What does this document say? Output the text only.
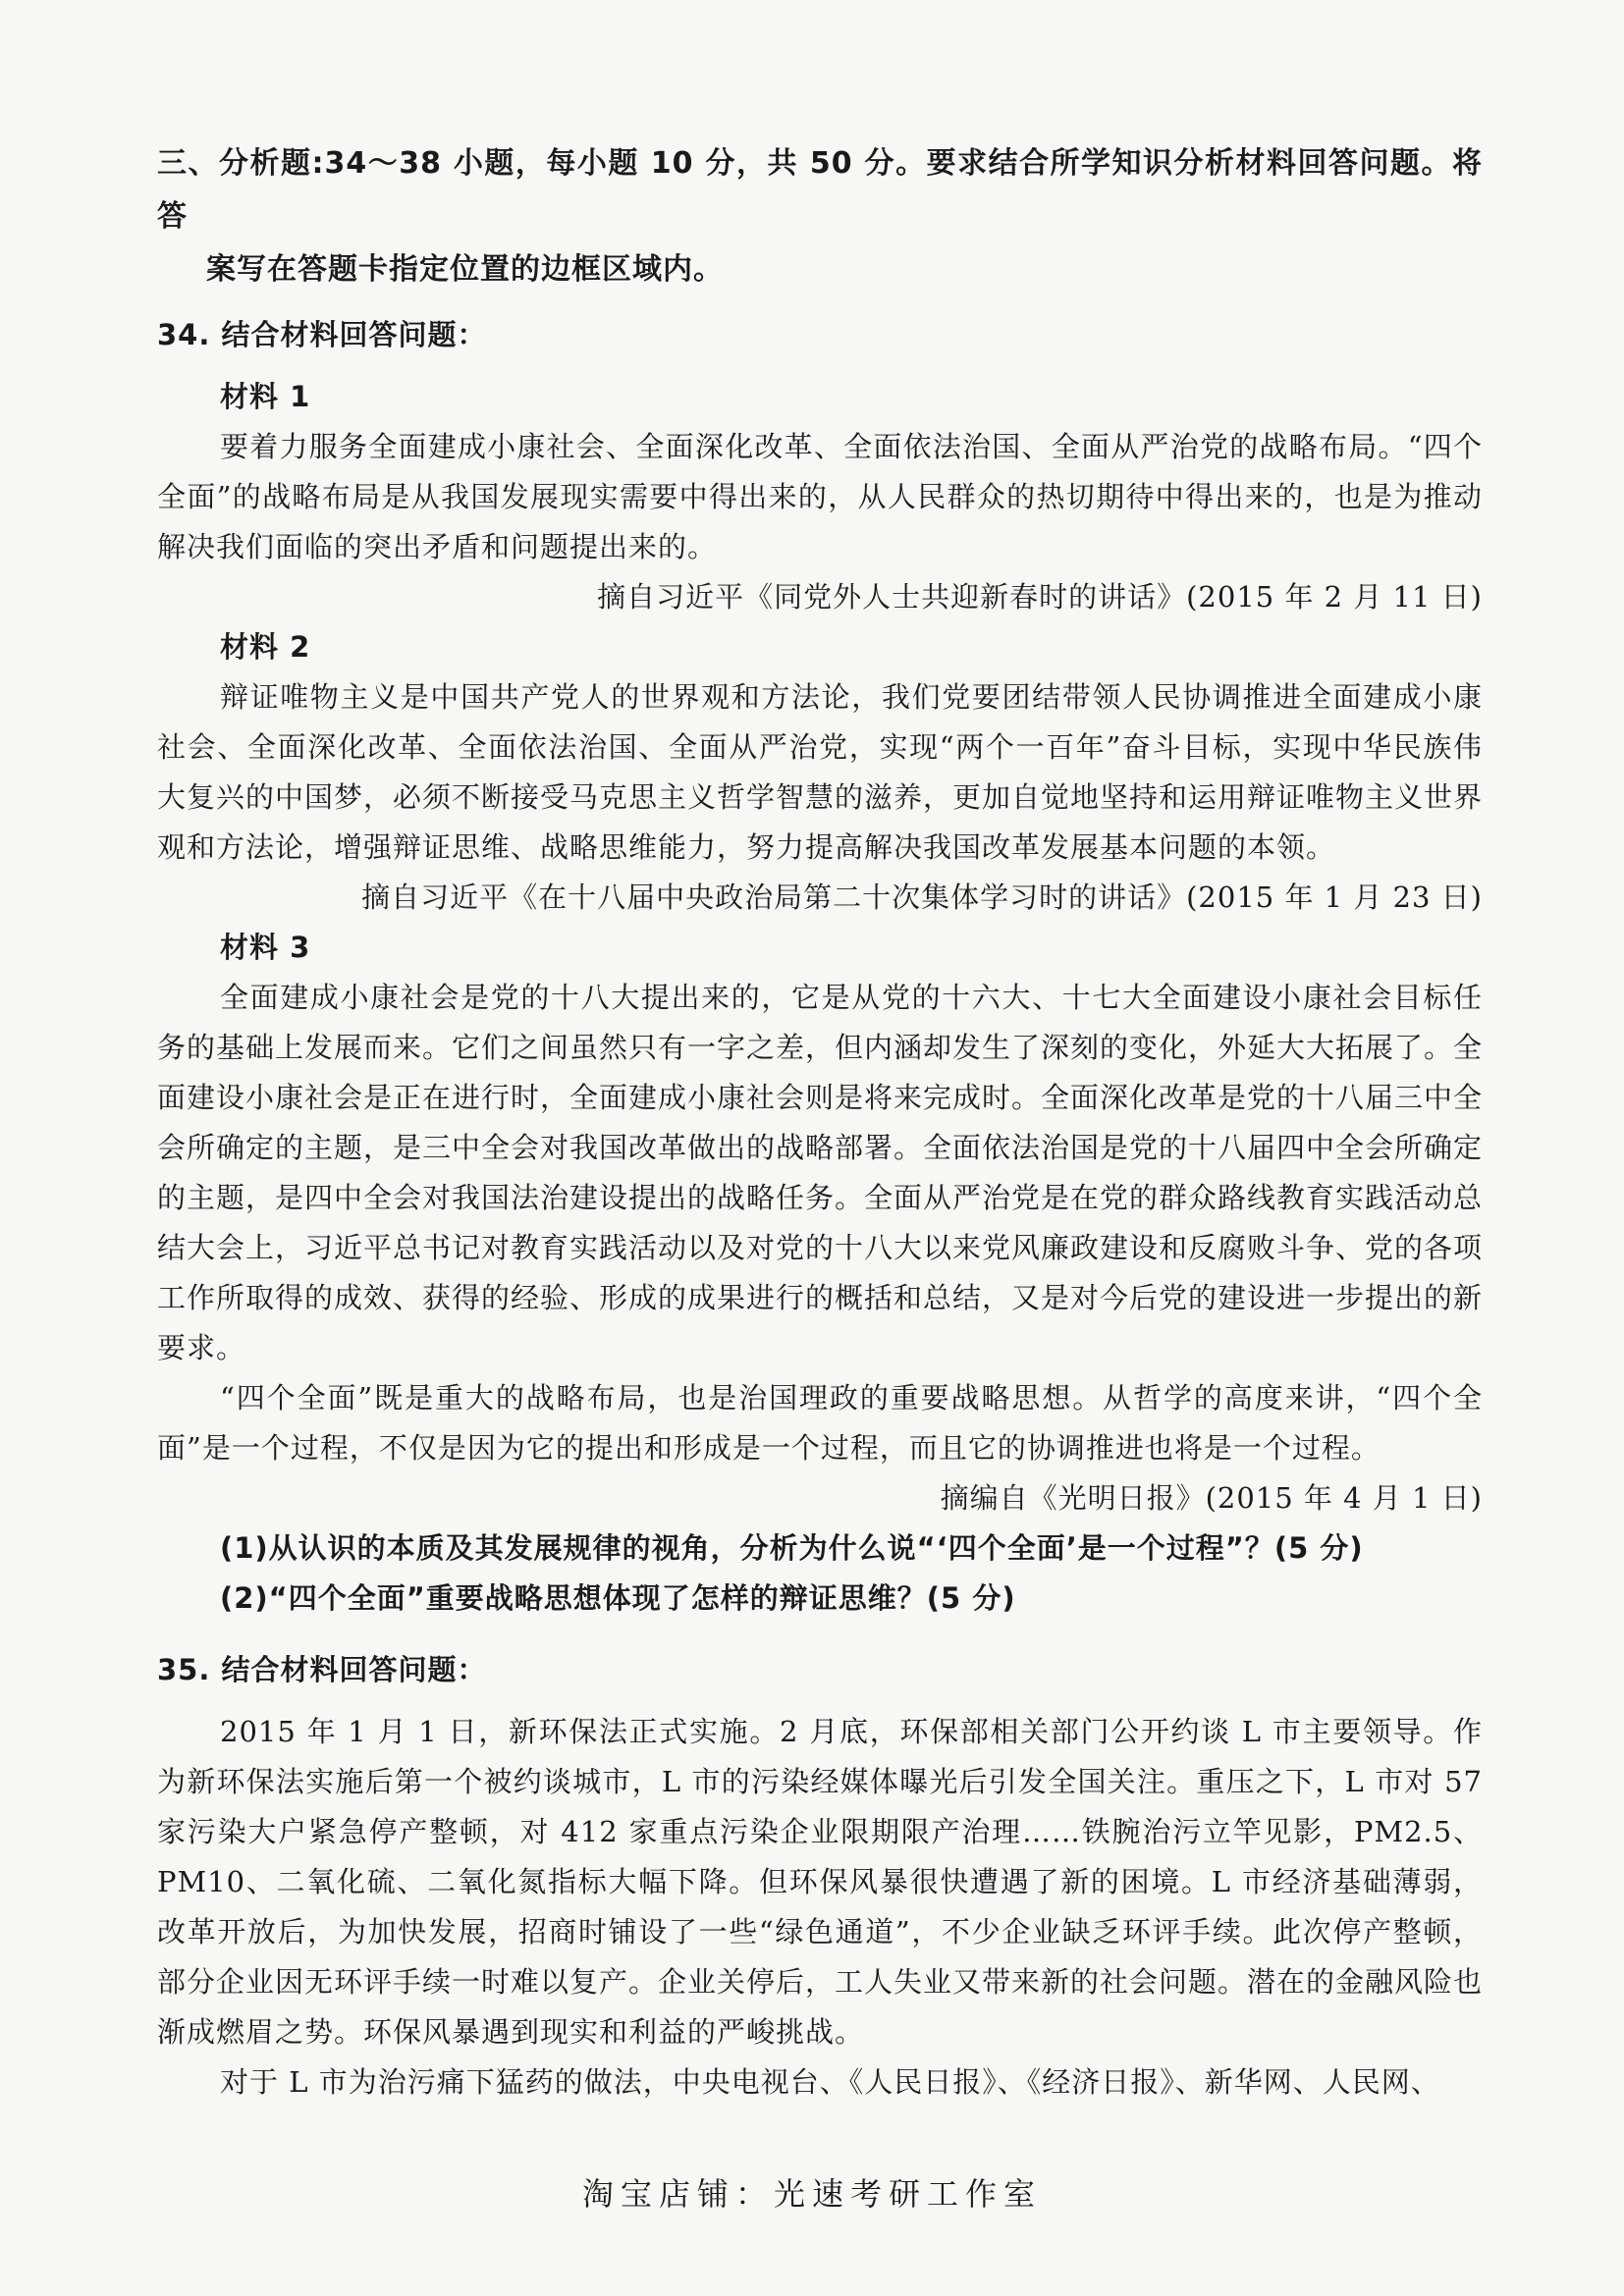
三、分析题:34～38 小题，每小题 10 分，共 50 分。要求结合所学知识分析材料回答问题。将答
案写在答题卡指定位置的边框区域内。

34. 结合材料回答问题：

材料 1

要着力服务全面建成小康社会、全面深化改革、全面依法治国、全面从严治党的战略布局。“四个全面”的战略布局是从我国发展现实需要中得出来的，从人民群众的热切期待中得出来的，也是为推动解决我们面临的突出矛盾和问题提出来的。

摘自习近平《同党外人士共迎新春时的讲话》(2015 年 2 月 11 日)

材料 2

辩证唯物主义是中国共产党人的世界观和方法论，我们党要团结带领人民协调推进全面建成小康社会、全面深化改革、全面依法治国、全面从严治党，实现“两个一百年”奋斗目标，实现中华民族伟大复兴的中国梦，必须不断接受马克思主义哲学智慧的滋养，更加自觉地坚持和运用辩证唯物主义世界观和方法论，增强辩证思维、战略思维能力，努力提高解决我国改革发展基本问题的本领。

摘自习近平《在十八届中央政治局第二十次集体学习时的讲话》(2015 年 1 月 23 日)

材料 3

全面建成小康社会是党的十八大提出来的，它是从党的十六大、十七大全面建设小康社会目标任务的基础上发展而来。它们之间虽然只有一字之差，但内涵却发生了深刻的变化，外延大大拓展了。全面建设小康社会是正在进行时，全面建成小康社会则是将来完成时。全面深化改革是党的十八届三中全会所确定的主题，是三中全会对我国改革做出的战略部署。全面依法治国是党的十八届四中全会所确定的主题，是四中全会对我国法治建设提出的战略任务。全面从严治党是在党的群众路线教育实践活动总结大会上，习近平总书记对教育实践活动以及对党的十八大以来党风廉政建设和反腐败斗争、党的各项工作所取得的成效、获得的经验、形成的成果进行的概括和总结，又是对今后党的建设进一步提出的新要求。

“四个全面”既是重大的战略布局，也是治国理政的重要战略思想。从哲学的高度来讲，“四个全面”是一个过程，不仅是因为它的提出和形成是一个过程，而且它的协调推进也将是一个过程。

摘编自《光明日报》(2015 年 4 月 1 日)

(1)从认识的本质及其发展规律的视角，分析为什么说“‘四个全面’是一个过程”？(5 分)

(2)“四个全面”重要战略思想体现了怎样的辩证思维？(5 分)

35. 结合材料回答问题：

2015 年 1 月 1 日，新环保法正式实施。2 月底，环保部相关部门公开约谈 L 市主要领导。作为新环保法实施后第一个被约谈城市，L 市的污染经媒体曝光后引发全国关注。重压之下，L 市对 57 家污染大户紧急停产整顿，对 412 家重点污染企业限期限产治理……铁腕治污立竿见影，PM2.5、PM10、二氧化硫、二氧化氮指标大幅下降。但环保风暴很快遭遇了新的困境。L 市经济基础薄弱，改革开放后，为加快发展，招商时铺设了一些“绿色通道”，不少企业缺乏环评手续。此次停产整顿，部分企业因无环评手续一时难以复产。企业关停后，工人失业又带来新的社会问题。潜在的金融风险也渐成燃眉之势。环保风暴遇到现实和利益的严峻挑战。

对于 L 市为治污痛下猛药的做法，中央电视台、《人民日报》、《经济日报》、新华网、人民网、

淘宝店铺：光速考研工作室
